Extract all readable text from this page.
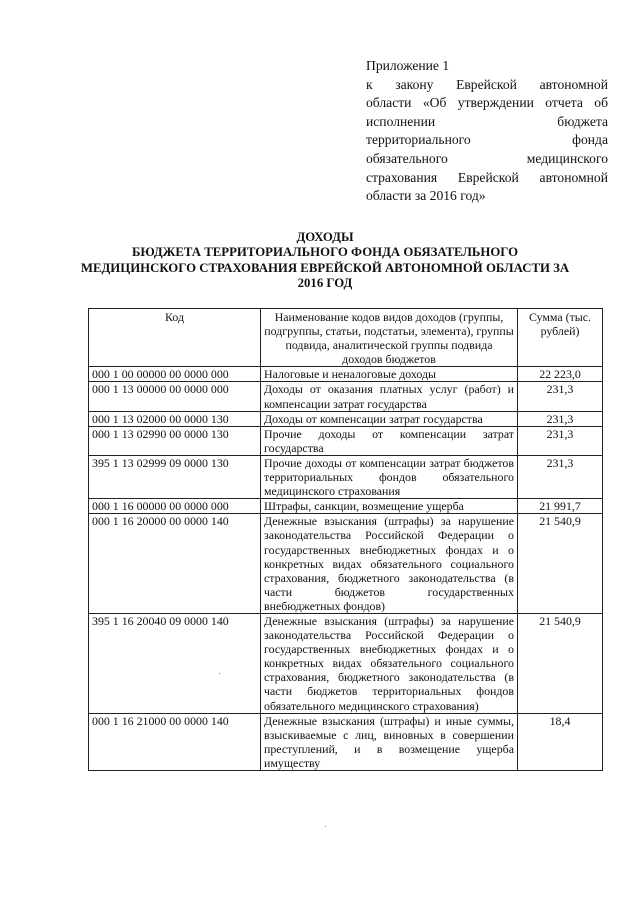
Приложение 1
к закону Еврейской автономной
области «Об утверждении отчета об
исполнении бюджета
территориального фонда
обязательного медицинского
страхования Еврейской автономной
области за 2016 год»
ДОХОДЫ
БЮДЖЕТА ТЕРРИТОРИАЛЬНОГО ФОНДА ОБЯЗАТЕЛЬНОГО
МЕДИЦИНСКОГО СТРАХОВАНИЯ ЕВРЕЙСКОЙ АВТОНОМНОЙ ОБЛАСТИ ЗА
2016 ГОД
Код	Наименование кодов видов доходов (группы, подгруппы, статьи, подстатьи, элемента), группы подвида, аналитической группы подвида доходов бюджетов	Сумма (тыс. рублей)
000 1 00 00000 00 0000 000	Налоговые и неналоговые доходы	22 223,0
000 1 13 00000 00 0000 000	Доходы от оказания платных услуг (работ) и компенсации затрат государства	231,3
000 1 13 02000 00 0000 130	Доходы от компенсации затрат государства	231,3
000 1 13 02990 00 0000 130	Прочие доходы от компенсации затрат государства	231,3
395 1 13 02999 09 0000 130	Прочие доходы от компенсации затрат бюджетов территориальных фондов обязательного медицинского страхования	231,3
000 1 16 00000 00 0000 000	Штрафы, санкции, возмещение ущерба	21 991,7
000 1 16 20000 00 0000 140	Денежные взыскания (штрафы) за нарушение законодательства Российской Федерации о государственных внебюджетных фондах и о конкретных видах обязательного социального страхования, бюджетного законодательства (в части бюджетов государственных внебюджетных фондов)	21 540,9
395 1 16 20040 09 0000 140	Денежные взыскания (штрафы) за нарушение законодательства Российской Федерации о государственных внебюджетных фондах и о конкретных видах обязательного социального страхования, бюджетного законодательства (в части бюджетов территориальных фондов обязательного медицинского страхования)	21 540,9
000 1 16 21000 00 0000 140	Денежные взыскания (штрафы) и иные суммы, взыскиваемые с лиц, виновных в совершении преступлений, и в возмещение ущерба имуществу	18,4
